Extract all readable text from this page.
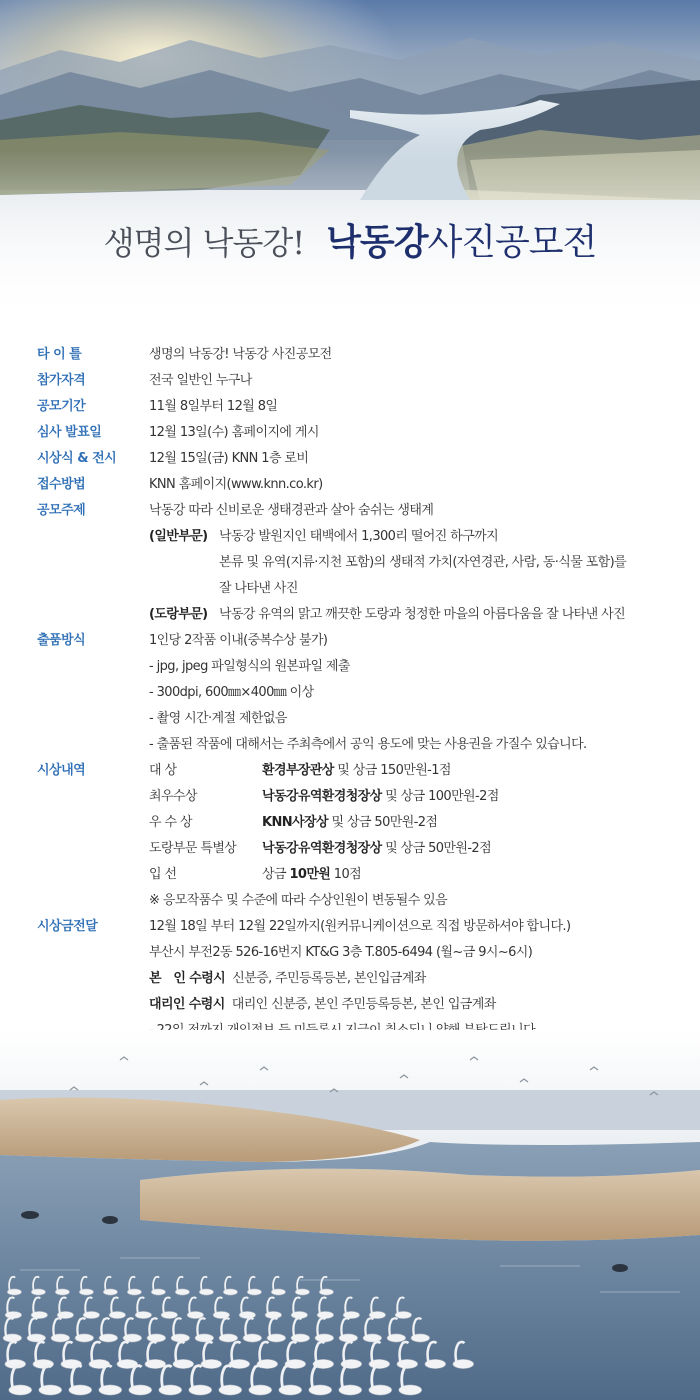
생명의 낙동강! 낙동강사진공모전
타 이 틀	생명의 낙동강! 낙동강 사진공모전
참가자격	전국 일반인 누구나
공모기간	11월 8일부터 12월 8일
심사 발표일	12월 13일(수) 홈페이지에 게시
시상식 & 전시	12월 15일(금) KNN 1층 로비
접수방법	KNN 홈페이지(www.knn.co.kr)
공모주제	낙동강 따라 신비로운 생태경관과 살아 숨쉬는 생태계
(일반부문) 낙동강 발원지인 태백에서 1,300리 떨어진 하구까지
본류 및 유역(지류·지천 포함)의 생태적 가치(자연경관, 사람, 동·식물 포함)를
잘 나타낸 사진
(도랑부문) 낙동강 유역의 맑고 깨끗한 도랑과 청정한 마을의 아름다움을 잘 나타낸 사진
출품방식	1인당 2작품 이내(중복수상 불가)
- jpg, jpeg 파일형식의 원본파일 제출
- 300dpi, 600㎜×400㎜ 이상
- 촬영 시간·계절 제한없음
- 출품된 작품에 대해서는 주최측에서 공익 용도에 맞는 사용권을 가질수 있습니다.
시상내역	대 상	환경부장관상 및 상금 150만원-1점
최우수상	낙동강유역환경청장상 및 상금 100만원-2점
우 수 상	KNN사장상 및 상금 50만원-2점
도랑부문 특별상 낙동강유역환경청장상 및 상금 50만원-2점
입 선	상금 10만원 10점
※ 응모작품수 및 수준에 따라 수상인원이 변동될수 있음
시상금전달	12월 18일 부터 12월 22일까지(원커뮤니케이션으로 직접 방문하셔야 합니다.)
부산시 부전2동 526-16번지 KT&G 3층 T.805-6494 (월~금 9시~6시)
본　인 수령시 신분증, 주민등록등본, 본인입금계좌
대리인 수령시 대리인 신분증, 본인 주민등록등본, 본인 입금계좌
